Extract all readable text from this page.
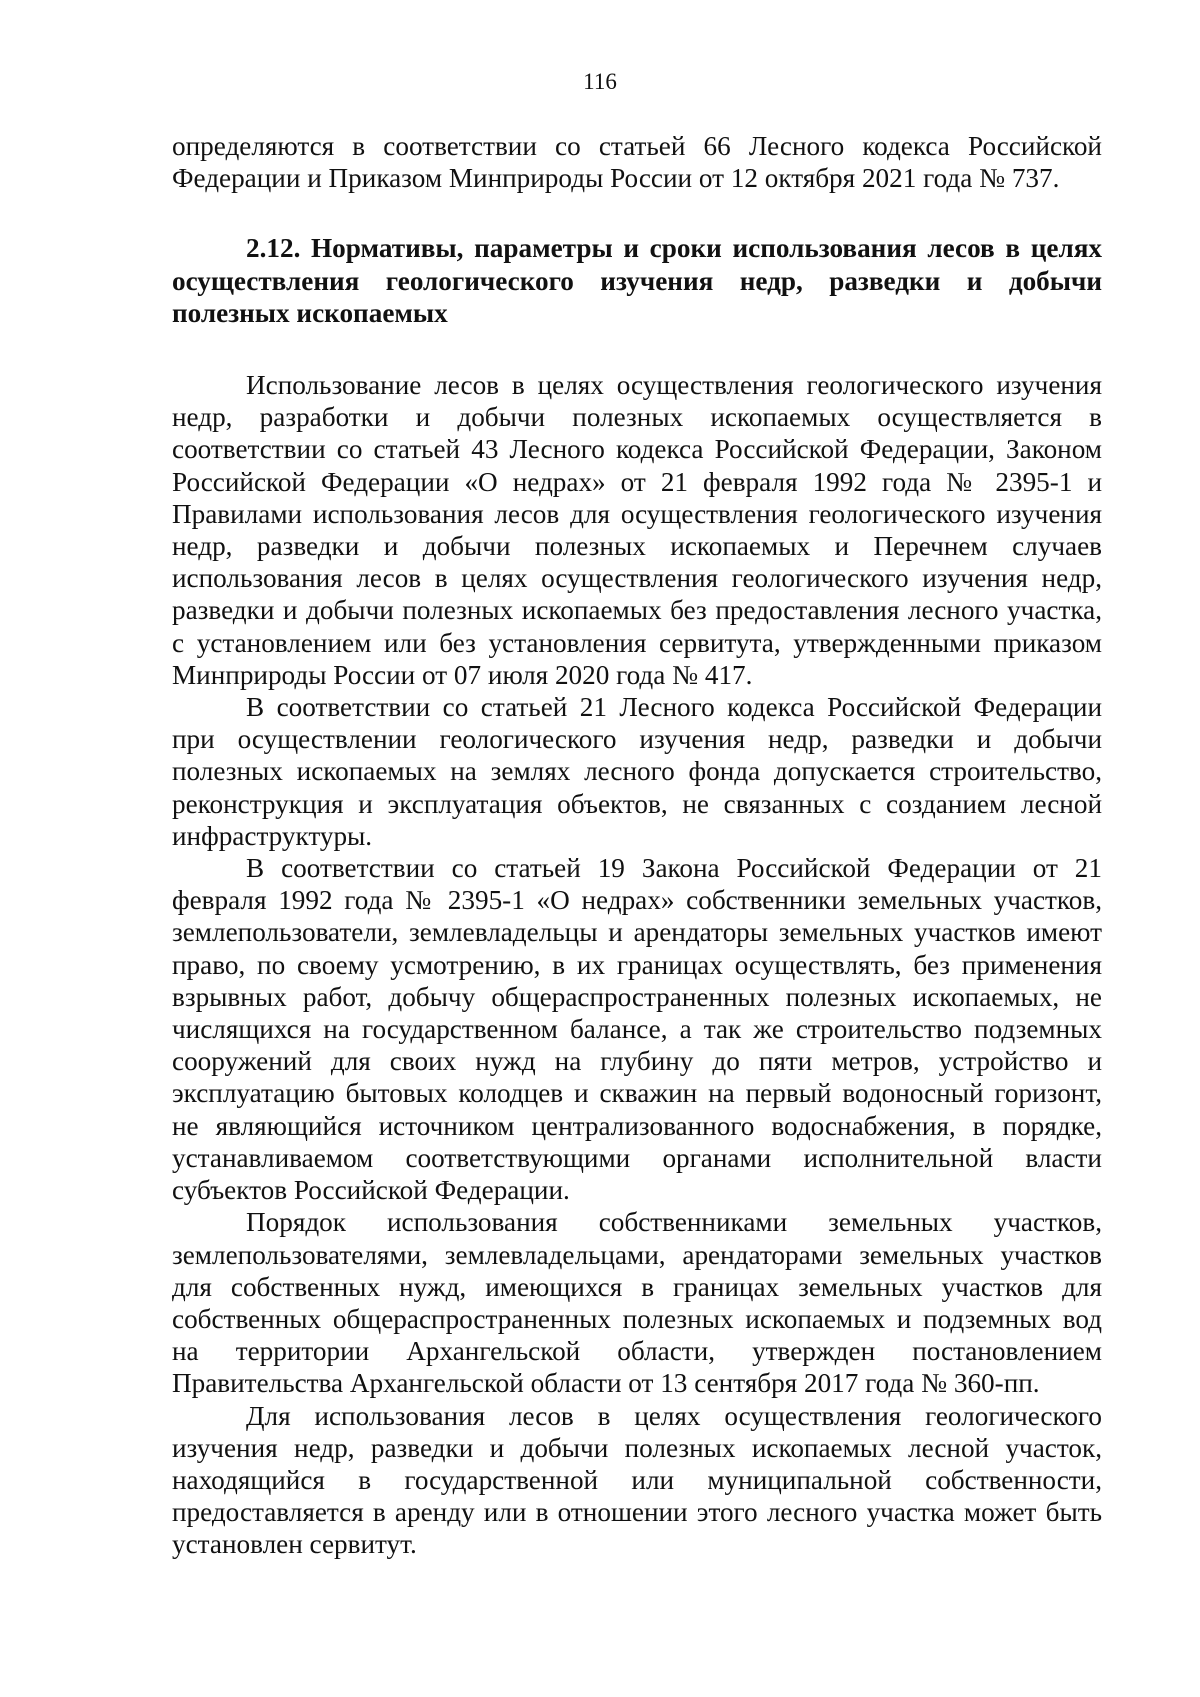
116

определяются в соответствии со статьей 66 Лесного кодекса Российской Федерации и Приказом Минприроды России от 12 октября 2021 года № 737.

2.12. Нормативы, параметры и сроки использования лесов в целях осуществления геологического изучения недр, разведки и добычи полезных ископаемых

Использование лесов в целях осуществления геологического изучения недр, разработки и добычи полезных ископаемых осуществляется в соответствии со статьей 43 Лесного кодекса Российской Федерации, Законом Российской Федерации «О недрах» от 21 февраля 1992 года № 2395-1 и Правилами использования лесов для осуществления геологического изучения недр, разведки и добычи полезных ископаемых и Перечнем случаев использования лесов в целях осуществления геологического изучения недр, разведки и добычи полезных ископаемых без предоставления лесного участка, с установлением или без установления сервитута, утвержденными приказом Минприроды России от 07 июля 2020 года № 417.

В соответствии со статьей 21 Лесного кодекса Российской Федерации при осуществлении геологического изучения недр, разведки и добычи полезных ископаемых на землях лесного фонда допускается строительство, реконструкция и эксплуатация объектов, не связанных с созданием лесной инфраструктуры.

В соответствии со статьей 19 Закона Российской Федерации от 21 февраля 1992 года № 2395-1 «О недрах» собственники земельных участков, землепользователи, землевладельцы и арендаторы земельных участков имеют право, по своему усмотрению, в их границах осуществлять, без применения взрывных работ, добычу общераспространенных полезных ископаемых, не числящихся на государственном балансе, а так же строительство подземных сооружений для своих нужд на глубину до пяти метров, устройство и эксплуатацию бытовых колодцев и скважин на первый водоносный горизонт, не являющийся источником централизованного водоснабжения, в порядке, устанавливаемом соответствующими органами исполнительной власти субъектов Российской Федерации.

Порядок использования собственниками земельных участков, землепользователями, землевладельцами, арендаторами земельных участков для собственных нужд, имеющихся в границах земельных участков для собственных общераспространенных полезных ископаемых и подземных вод на территории Архангельской области, утвержден постановлением Правительства Архангельской области от 13 сентября 2017 года № 360-пп.

Для использования лесов в целях осуществления геологического изучения недр, разведки и добычи полезных ископаемых лесной участок, находящийся в государственной или муниципальной собственности, предоставляется в аренду или в отношении этого лесного участка может быть установлен сервитут.
